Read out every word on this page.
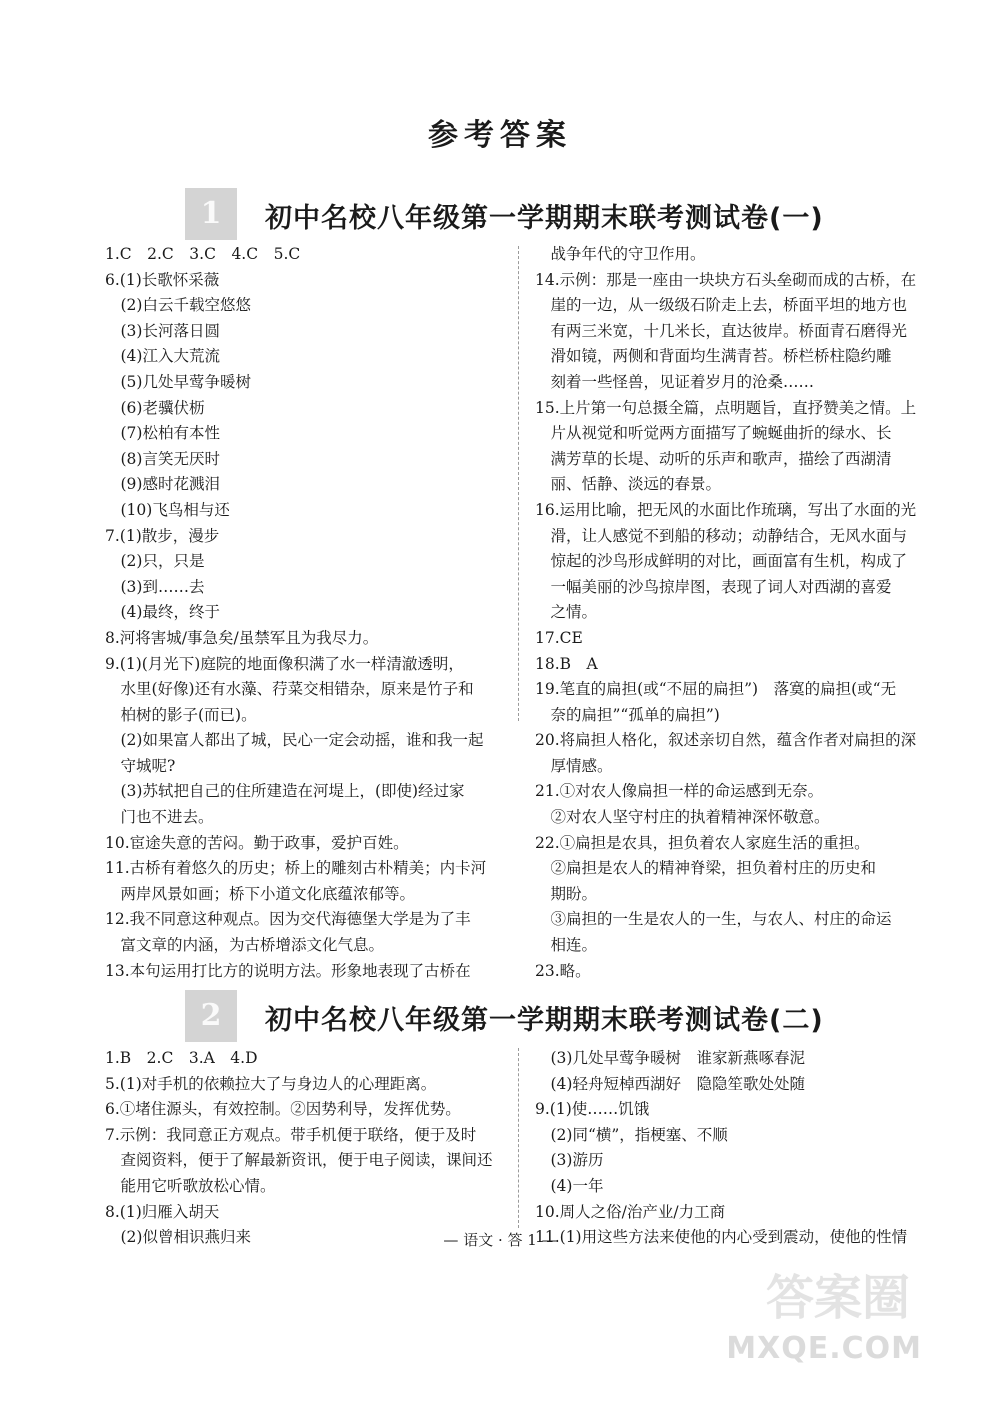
参考答案
1	初中名校八年级第一学期期末联考测试卷(一)
1.C　2.C　3.C　4.C　5.C
6.(1)长歌怀采薇
　(2)白云千载空悠悠
　(3)长河落日圆
　(4)江入大荒流
　(5)几处早莺争暖树
　(6)老骥伏枥
　(7)松柏有本性
　(8)言笑无厌时
　(9)感时花溅泪
　(10)飞鸟相与还
7.(1)散步，漫步
　(2)只，只是
　(3)到……去
　(4)最终，终于
8.河将害城/事急矣/虽禁军且为我尽力。
9.(1)(月光下)庭院的地面像积满了水一样清澈透明，
　水里(好像)还有水藻、荇菜交相错杂，原来是竹子和
　柏树的影子(而已)。
　(2)如果富人都出了城，民心一定会动摇，谁和我一起
　守城呢?
　(3)苏轼把自己的住所建造在河堤上，(即使)经过家
　门也不进去。
10.宦途失意的苦闷。勤于政事，爱护百姓。
11.古桥有着悠久的历史；桥上的雕刻古朴精美；内卡河
　两岸风景如画；桥下小道文化底蕴浓郁等。
12.我不同意这种观点。因为交代海德堡大学是为了丰
　富文章的内涵，为古桥增添文化气息。
13.本句运用打比方的说明方法。形象地表现了古桥在
　战争年代的守卫作用。
14.示例：那是一座由一块块方石头垒砌而成的古桥，在
　崖的一边，从一级级石阶走上去，桥面平坦的地方也
　有两三米宽，十几米长，直达彼岸。桥面青石磨得光
　滑如镜，两侧和背面均生满青苔。桥栏桥柱隐约雕
　刻着一些怪兽，见证着岁月的沧桑……
15.上片第一句总摄全篇，点明题旨，直抒赞美之情。上
　片从视觉和听觉两方面描写了蜿蜒曲折的绿水、长
　满芳草的长堤、动听的乐声和歌声，描绘了西湖清
　丽、恬静、淡远的春景。
16.运用比喻，把无风的水面比作琉璃，写出了水面的光
　滑，让人感觉不到船的移动；动静结合，无风水面与
　惊起的沙鸟形成鲜明的对比，画面富有生机，构成了
　一幅美丽的沙鸟掠岸图，表现了词人对西湖的喜爱
　之情。
17.CE
18.B　A
19.笔直的扁担(或“不屈的扁担”)　落寞的扁担(或“无
　奈的扁担”“孤单的扁担”)
20.将扁担人格化，叙述亲切自然，蕴含作者对扁担的深
　厚情感。
21.①对农人像扁担一样的命运感到无奈。
　②对农人坚守村庄的执着精神深怀敬意。
22.①扁担是农具，担负着农人家庭生活的重担。
　②扁担是农人的精神脊梁，担负着村庄的历史和
　期盼。
　③扁担的一生是农人的一生，与农人、村庄的命运
　相连。
23.略。
2	初中名校八年级第一学期期末联考测试卷(二)
1.B　2.C　3.A　4.D
5.(1)对手机的依赖拉大了与身边人的心理距离。
6.①堵住源头，有效控制。②因势利导，发挥优势。
7.示例：我同意正方观点。带手机便于联络，便于及时
　查阅资料，便于了解最新资讯，便于电子阅读，课间还
　能用它听歌放松心情。
8.(1)归雁入胡天
　(2)似曾相识燕归来
　(3)几处早莺争暖树　谁家新燕啄春泥
　(4)轻舟短棹西湖好　隐隐笙歌处处随
9.(1)使……饥饿
　(2)同“横”，指梗塞、不顺
　(3)游历
　(4)一年
10.周人之俗/治产业/力工商
11.(1)用这些方法来使他的内心受到震动，使他的性情
— 语文 · 答 1 —
答案圈
MXQE.COM
